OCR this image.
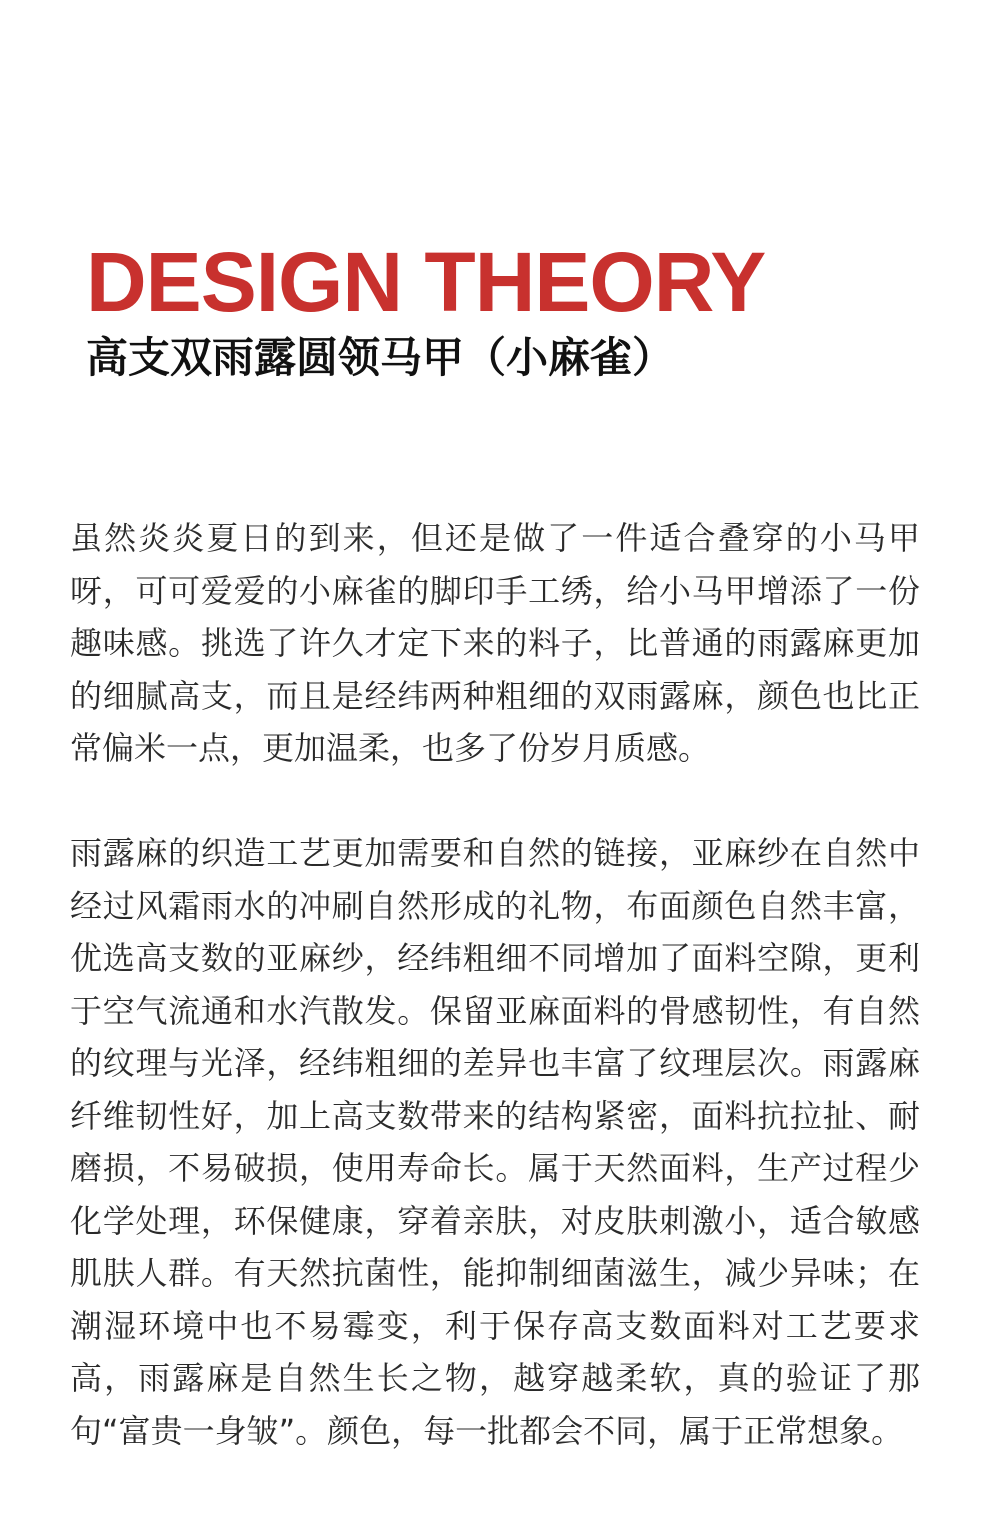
DESIGN THEORY
高支双雨露圆领马甲（小麻雀）

虽然炎炎夏日的到来，但还是做了一件适合叠穿的小马甲呀，可可爱爱的小麻雀的脚印手工绣，给小马甲增添了一份趣味感。挑选了许久才定下来的料子，比普通的雨露麻更加的细腻高支，而且是经纬两种粗细的双雨露麻，颜色也比正常偏米一点，更加温柔，也多了份岁月质感。

雨露麻的织造工艺更加需要和自然的链接，亚麻纱在自然中经过风霜雨水的冲刷自然形成的礼物，布面颜色自然丰富，优选高支数的亚麻纱，经纬粗细不同增加了面料空隙，更利于空气流通和水汽散发。保留亚麻面料的骨感韧性，有自然的纹理与光泽，经纬粗细的差异也丰富了纹理层次。雨露麻纤维韧性好，加上高支数带来的结构紧密，面料抗拉扯、耐磨损，不易破损，使用寿命长。属于天然面料，生产过程少化学处理，环保健康，穿着亲肤，对皮肤刺激小，适合敏感肌肤人群。有天然抗菌性，能抑制细菌滋生，减少异味；在潮湿环境中也不易霉变，利于保存高支数面料对工艺要求高，雨露麻是自然生长之物，越穿越柔软，真的验证了那句“富贵一身皱”。颜色，每一批都会不同，属于正常想象。
